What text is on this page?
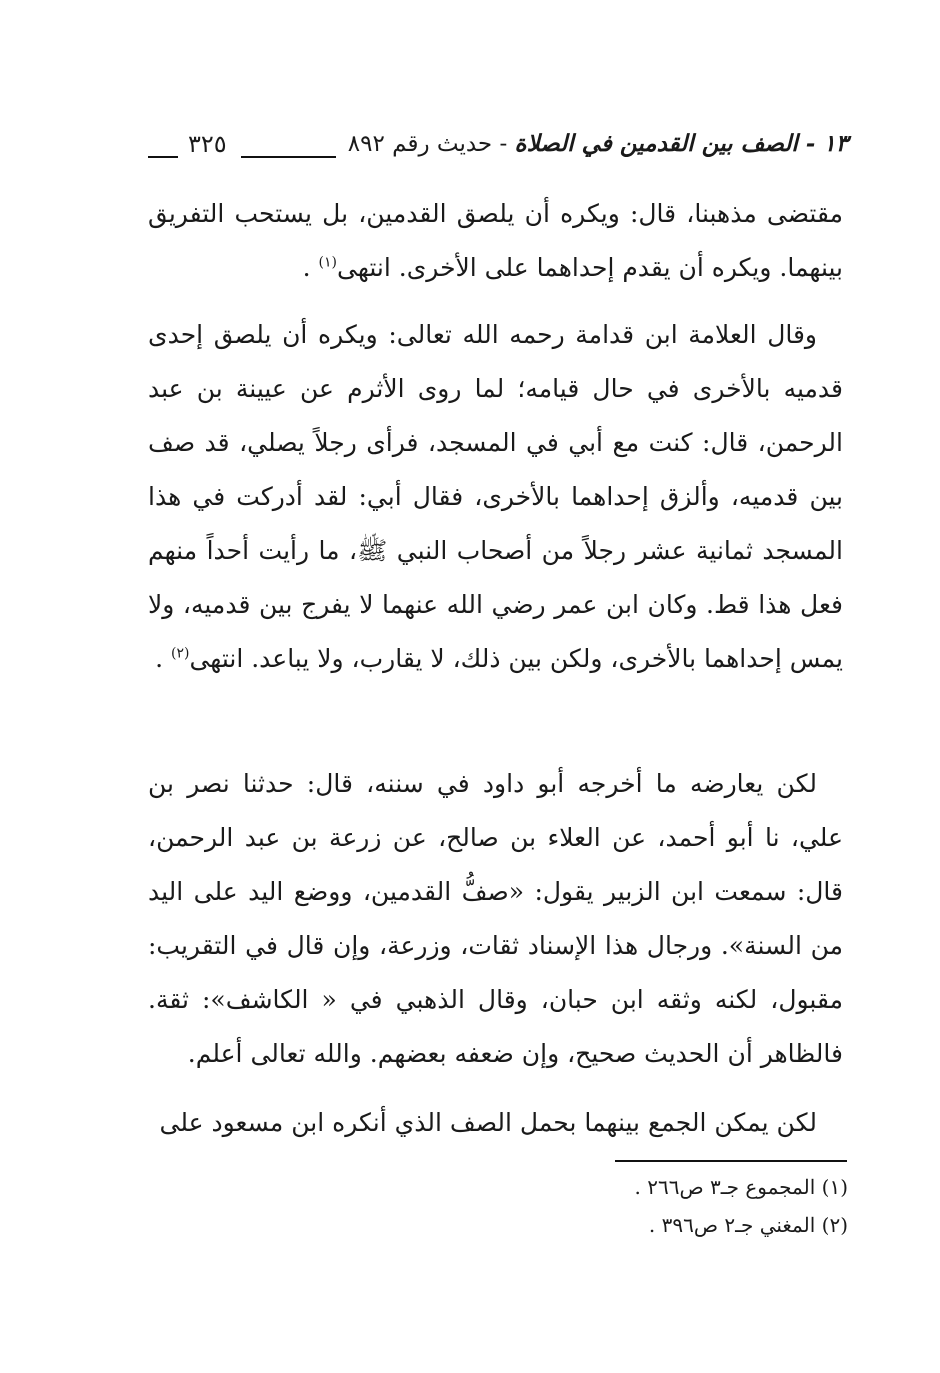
١٣ - الصف بين القدمين في الصلاة - حديث رقم ٨٩٢
٣٢٥

مقتضى مذهبنا، قال: ويكره أن يلصق القدمين، بل يستحب التفريق بينهما. ويكره أن يقدم إحداهما على الأخرى. انتهى$^{(١)}$ .

وقال العلامة ابن قدامة رحمه الله تعالى: ويكره أن يلصق إحدى قدميه بالأخرى في حال قيامه؛ لما روى الأثرم عن عيينة بن عبد الرحمن، قال: كنت مع أبي في المسجد، فرأى رجلاً يصلي، قد صف بين قدميه، وألزق إحداهما بالأخرى، فقال أبي: لقد أدركت في هذا المسجد ثمانية عشر رجلاً من أصحاب النبي ﷺ، ما رأيت أحداً منهم فعل هذا قط. وكان ابن عمر رضي الله عنهما لا يفرج بين قدميه، ولا يمس إحداهما بالأخرى، ولكن بين ذلك، لا يقارب، ولا يباعد. انتهى$^{(٢)}$ .

لكن يعارضه ما أخرجه أبو داود في سننه، قال: حدثنا نصر بن علي، نا أبو أحمد، عن العلاء بن صالح، عن زرعة بن عبد الرحمن، قال: سمعت ابن الزبير يقول: «صفُّ القدمين، ووضع اليد على اليد من السنة». ورجال هذا الإسناد ثقات، وزرعة، وإن قال في التقريب: مقبول، لكنه وثقه ابن حبان، وقال الذهبي في « الكاشف»: ثقة. فالظاهر أن الحديث صحيح، وإن ضعفه بعضهم. والله تعالى أعلم.

لكن يمكن الجمع بينهما بحمل الصف الذي أنكره ابن مسعود على

(١) المجموع جـ٣ ص٢٦٦ .

(٢) المغني جـ٢ ص٣٩٦ .
